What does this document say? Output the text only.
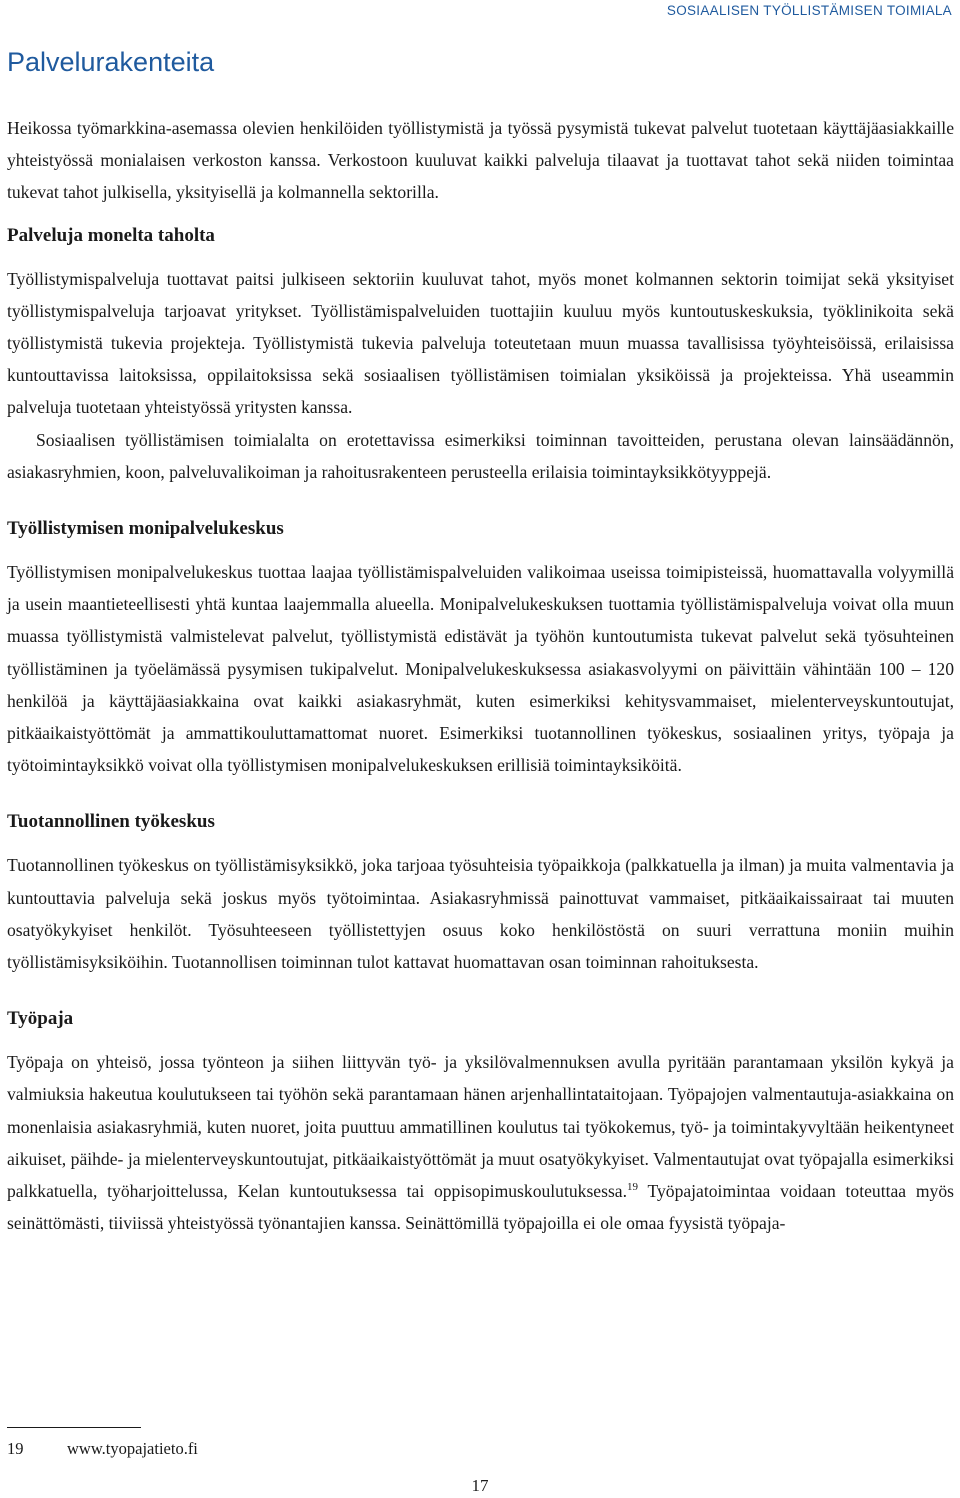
SOSIAALISEN TYÖLLISTÄMISEN TOIMIALA
Palvelurakenteita

Heikossa työmarkkina-asemassa olevien henkilöiden työllistymistä ja työssä pysymistä tukevat palvelut tuotetaan käyttäjäasiakkaille yhteistyössä monialaisen verkoston kanssa. Verkostoon kuuluvat kaikki palveluja tilaavat ja tuottavat tahot sekä niiden toimintaa tukevat tahot julkisella, yksityisellä ja kolmannella sektorilla.

Palveluja monelta taholta

Työllistymispalveluja tuottavat paitsi julkiseen sektoriin kuuluvat tahot, myös monet kolmannen sektorin toimijat sekä yksityiset työllistymispalveluja tarjoavat yritykset. Työllistämispalveluiden tuottajiin kuuluu myös kuntoutuskeskuksia, työklinikoita sekä työllistymistä tukevia projekteja. Työllistymistä tukevia palveluja toteutetaan muun muassa tavallisissa työyhteisöissä, erilaisissa kuntouttavissa laitoksissa, oppilaitoksissa sekä sosiaalisen työllistämisen toimialan yksiköissä ja projekteissa. Yhä useammin palveluja tuotetaan yhteistyössä yritysten kanssa.

Sosiaalisen työllistämisen toimialalta on erotettavissa esimerkiksi toiminnan tavoitteiden, perustana olevan lainsäädännön, asiakasryhmien, koon, palveluvalikoiman ja rahoitusrakenteen perusteella erilaisia toimintayksikkötyyppejä.

Työllistymisen monipalvelukeskus

Työllistymisen monipalvelukeskus tuottaa laajaa työllistämispalveluiden valikoimaa useissa toimipisteissä, huomattavalla volyymillä ja usein maantieteellisesti yhtä kuntaa laajemmalla alueella. Monipalvelukeskuksen tuottamia työllistämispalveluja voivat olla muun muassa työllistymistä valmistelevat palvelut, työllistymistä edistävät ja työhön kuntoutumista tukevat palvelut sekä työsuhteinen työllistäminen ja työelämässä pysymisen tukipalvelut. Monipalvelukeskuksessa asiakasvolyymi on päivittäin vähintään 100 – 120 henkilöä ja käyttäjäasiakkaina ovat kaikki asiakasryhmät, kuten esimerkiksi kehitysvammaiset, mielenterveyskuntoutujat, pitkäaikaistyöttömät ja ammattikouluttamattomat nuoret. Esimerkiksi tuotannollinen työkeskus, sosiaalinen yritys, työpaja ja työtoimintayksikkö voivat olla työllistymisen monipalvelukeskuksen erillisiä toimintayksiköitä.

Tuotannollinen työkeskus

Tuotannollinen työkeskus on työllistämisyksikkö, joka tarjoaa työsuhteisia työpaikkoja (palkkatuella ja ilman) ja muita valmentavia ja kuntouttavia palveluja sekä joskus myös työtoimintaa. Asiakasryhmissä painottuvat vammaiset, pitkäaikaissairaat tai muuten osatyökykyiset henkilöt. Työsuhteeseen työllistettyjen osuus koko henkilöstöstä on suuri verrattuna moniin muihin työllistämisyksiköihin. Tuotannollisen toiminnan tulot kattavat huomattavan osan toiminnan rahoituksesta.

Työpaja

Työpaja on yhteisö, jossa työnteon ja siihen liittyvän työ- ja yksilövalmennuksen avulla pyritään parantamaan yksilön kykyä ja valmiuksia hakeutua koulutukseen tai työhön sekä parantamaan hänen arjenhallintataitojaan. Työpajojen valmentautuja-asiakkaina on monenlaisia asiakasryhmiä, kuten nuoret, joita puuttuu ammatillinen koulutus tai työkokemus, työ- ja toimintakyvyltään heikentyneet aikuiset, päihde- ja mielenterveyskuntoutujat, pitkäaikaistyöttömät ja muut osatyökykyiset. Valmentautujat ovat työpajalla esimerkiksi palkkatuella, työharjoittelussa, Kelan kuntoutuksessa tai oppisopimuskoulutuksessa.$^{19}$ Työpajatoimintaa voidaan toteuttaa myös seinättömästi, tiiviissä yhteistyössä työnantajien kanssa. Seinättömillä työpajoilla ei ole omaa fyysistä työpaja-

19	www.tyopajatieto.fi
17
